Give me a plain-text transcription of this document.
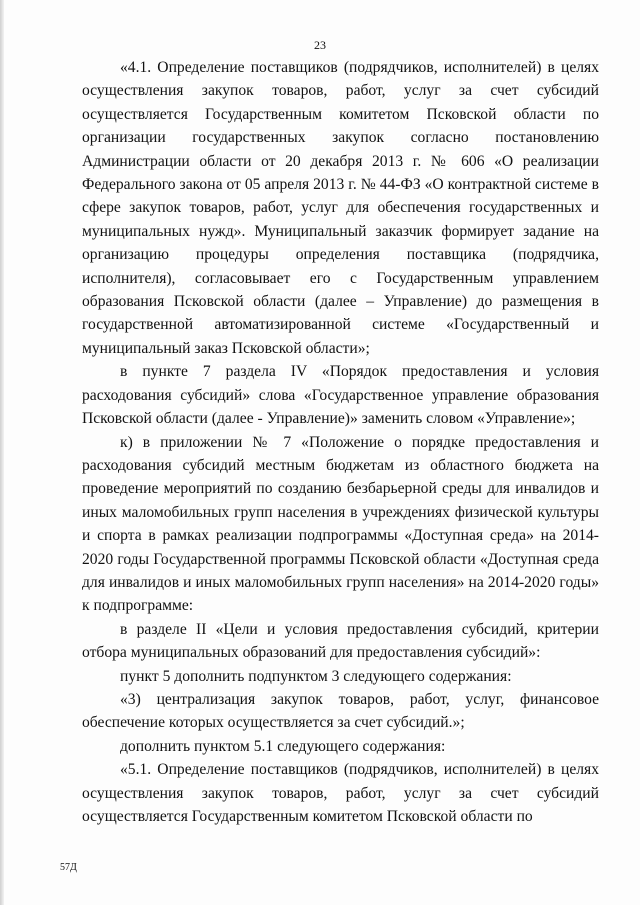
23

«4.1. Определение поставщиков (подрядчиков, исполнителей) в целях осуществления закупок товаров, работ, услуг за счет субсидий осуществляется Государственным комитетом Псковской области по организации государственных закупок согласно постановлению Администрации области от 20 декабря 2013 г. № 606 «О реализации Федерального закона от 05 апреля 2013 г. № 44-ФЗ «О контрактной системе в сфере закупок товаров, работ, услуг для обеспечения государственных и муниципальных нужд». Муниципальный заказчик формирует задание на организацию процедуры определения поставщика (подрядчика, исполнителя), согласовывает его с Государственным управлением образования Псковской области (далее – Управление) до размещения в государственной автоматизированной системе «Государственный и муниципальный заказ Псковской области»;

в пункте 7 раздела IV «Порядок предоставления и условия расходования субсидий» слова «Государственное управление образования Псковской области (далее - Управление)» заменить словом «Управление»;

к) в приложении № 7 «Положение о порядке предоставления и расходования субсидий местным бюджетам из областного бюджета на проведение мероприятий по созданию безбарьерной среды для инвалидов и иных маломобильных групп населения в учреждениях физической культуры и спорта в рамках реализации подпрограммы «Доступная среда» на 2014-2020 годы Государственной программы Псковской области «Доступная среда для инвалидов и иных маломобильных групп населения» на 2014-2020 годы» к подпрограмме:

в разделе II «Цели и условия предоставления субсидий, критерии отбора муниципальных образований для предоставления субсидий»:

пункт 5 дополнить подпунктом 3 следующего содержания:

«3) централизация закупок товаров, работ, услуг, финансовое обеспечение которых осуществляется за счет субсидий.»;

дополнить пунктом 5.1 следующего содержания:

«5.1. Определение поставщиков (подрядчиков, исполнителей) в целях осуществления закупок товаров, работ, услуг за счет субсидий осуществляется Государственным комитетом Псковской области по

57Д
